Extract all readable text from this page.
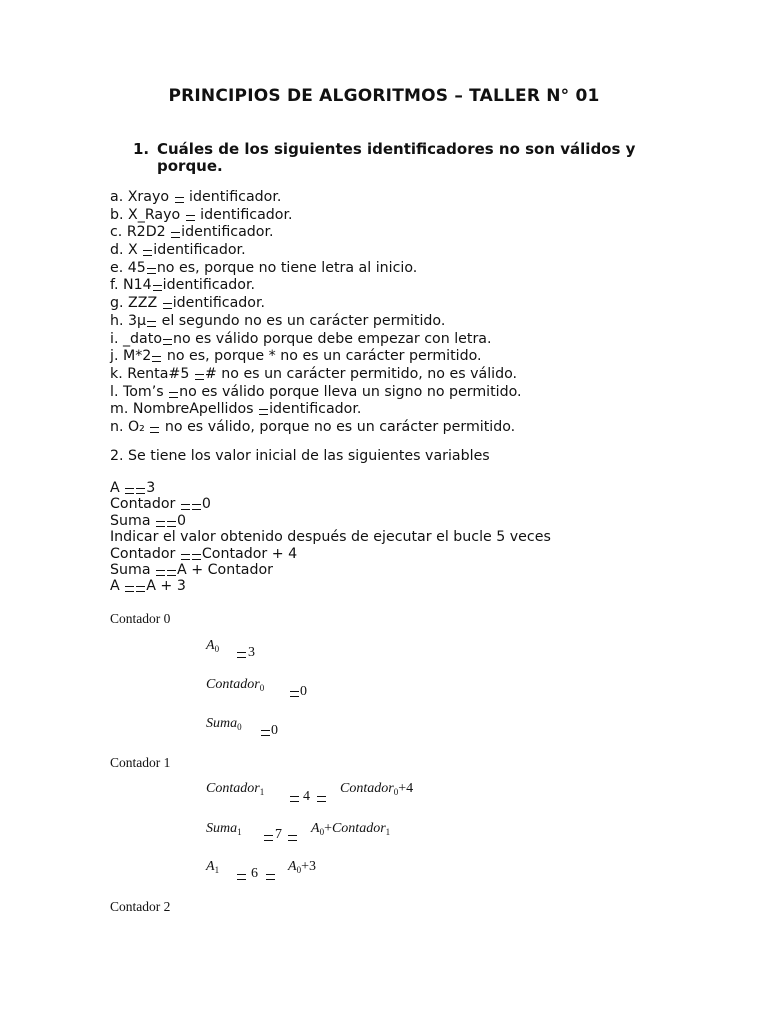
PRINCIPIOS DE ALGORITMOS – TALLER N° 01
1. Cuáles de los siguientes identificadores no son válidos y porque.
a. Xrayo  identificador.
b. X_Rayo  identificador.
c. R2D2 identificador.
d. X identificador.
e. 45 no es, porque no tiene letra al inicio.
f. N14 identificador.
g. ZZZ identificador.
h. 3µ el segundo no es un carácter permitido.
i. _dato no es válido porque debe empezar con letra.
j. M*2 no es, porque * no es un carácter permitido.
k. Renta#5 # no es un carácter permitido, no es válido.
l. Tom’s no es válido porque lleva un signo no permitido.
m. NombreApellidos identificador.
n. O₂  no es válido, porque no es un carácter permitido.
2. Se tiene los valor inicial de las siguientes variables
A 3
Contador 0
Suma 0
Indicar el valor obtenido después de ejecutar el bucle 5 veces
Contador Contador + 4
Suma A + Contador
A A + 3
Contador 0
$A_0$ 3
Contador$_0$	0
Suma$_0$ 0
Contador 1
Contador$_1$	4
Contador$_0$+4
Suma$_1$ 7 $A_0+Contador_1$
$A_1$ 6 $A_0+3$
Contador 2
